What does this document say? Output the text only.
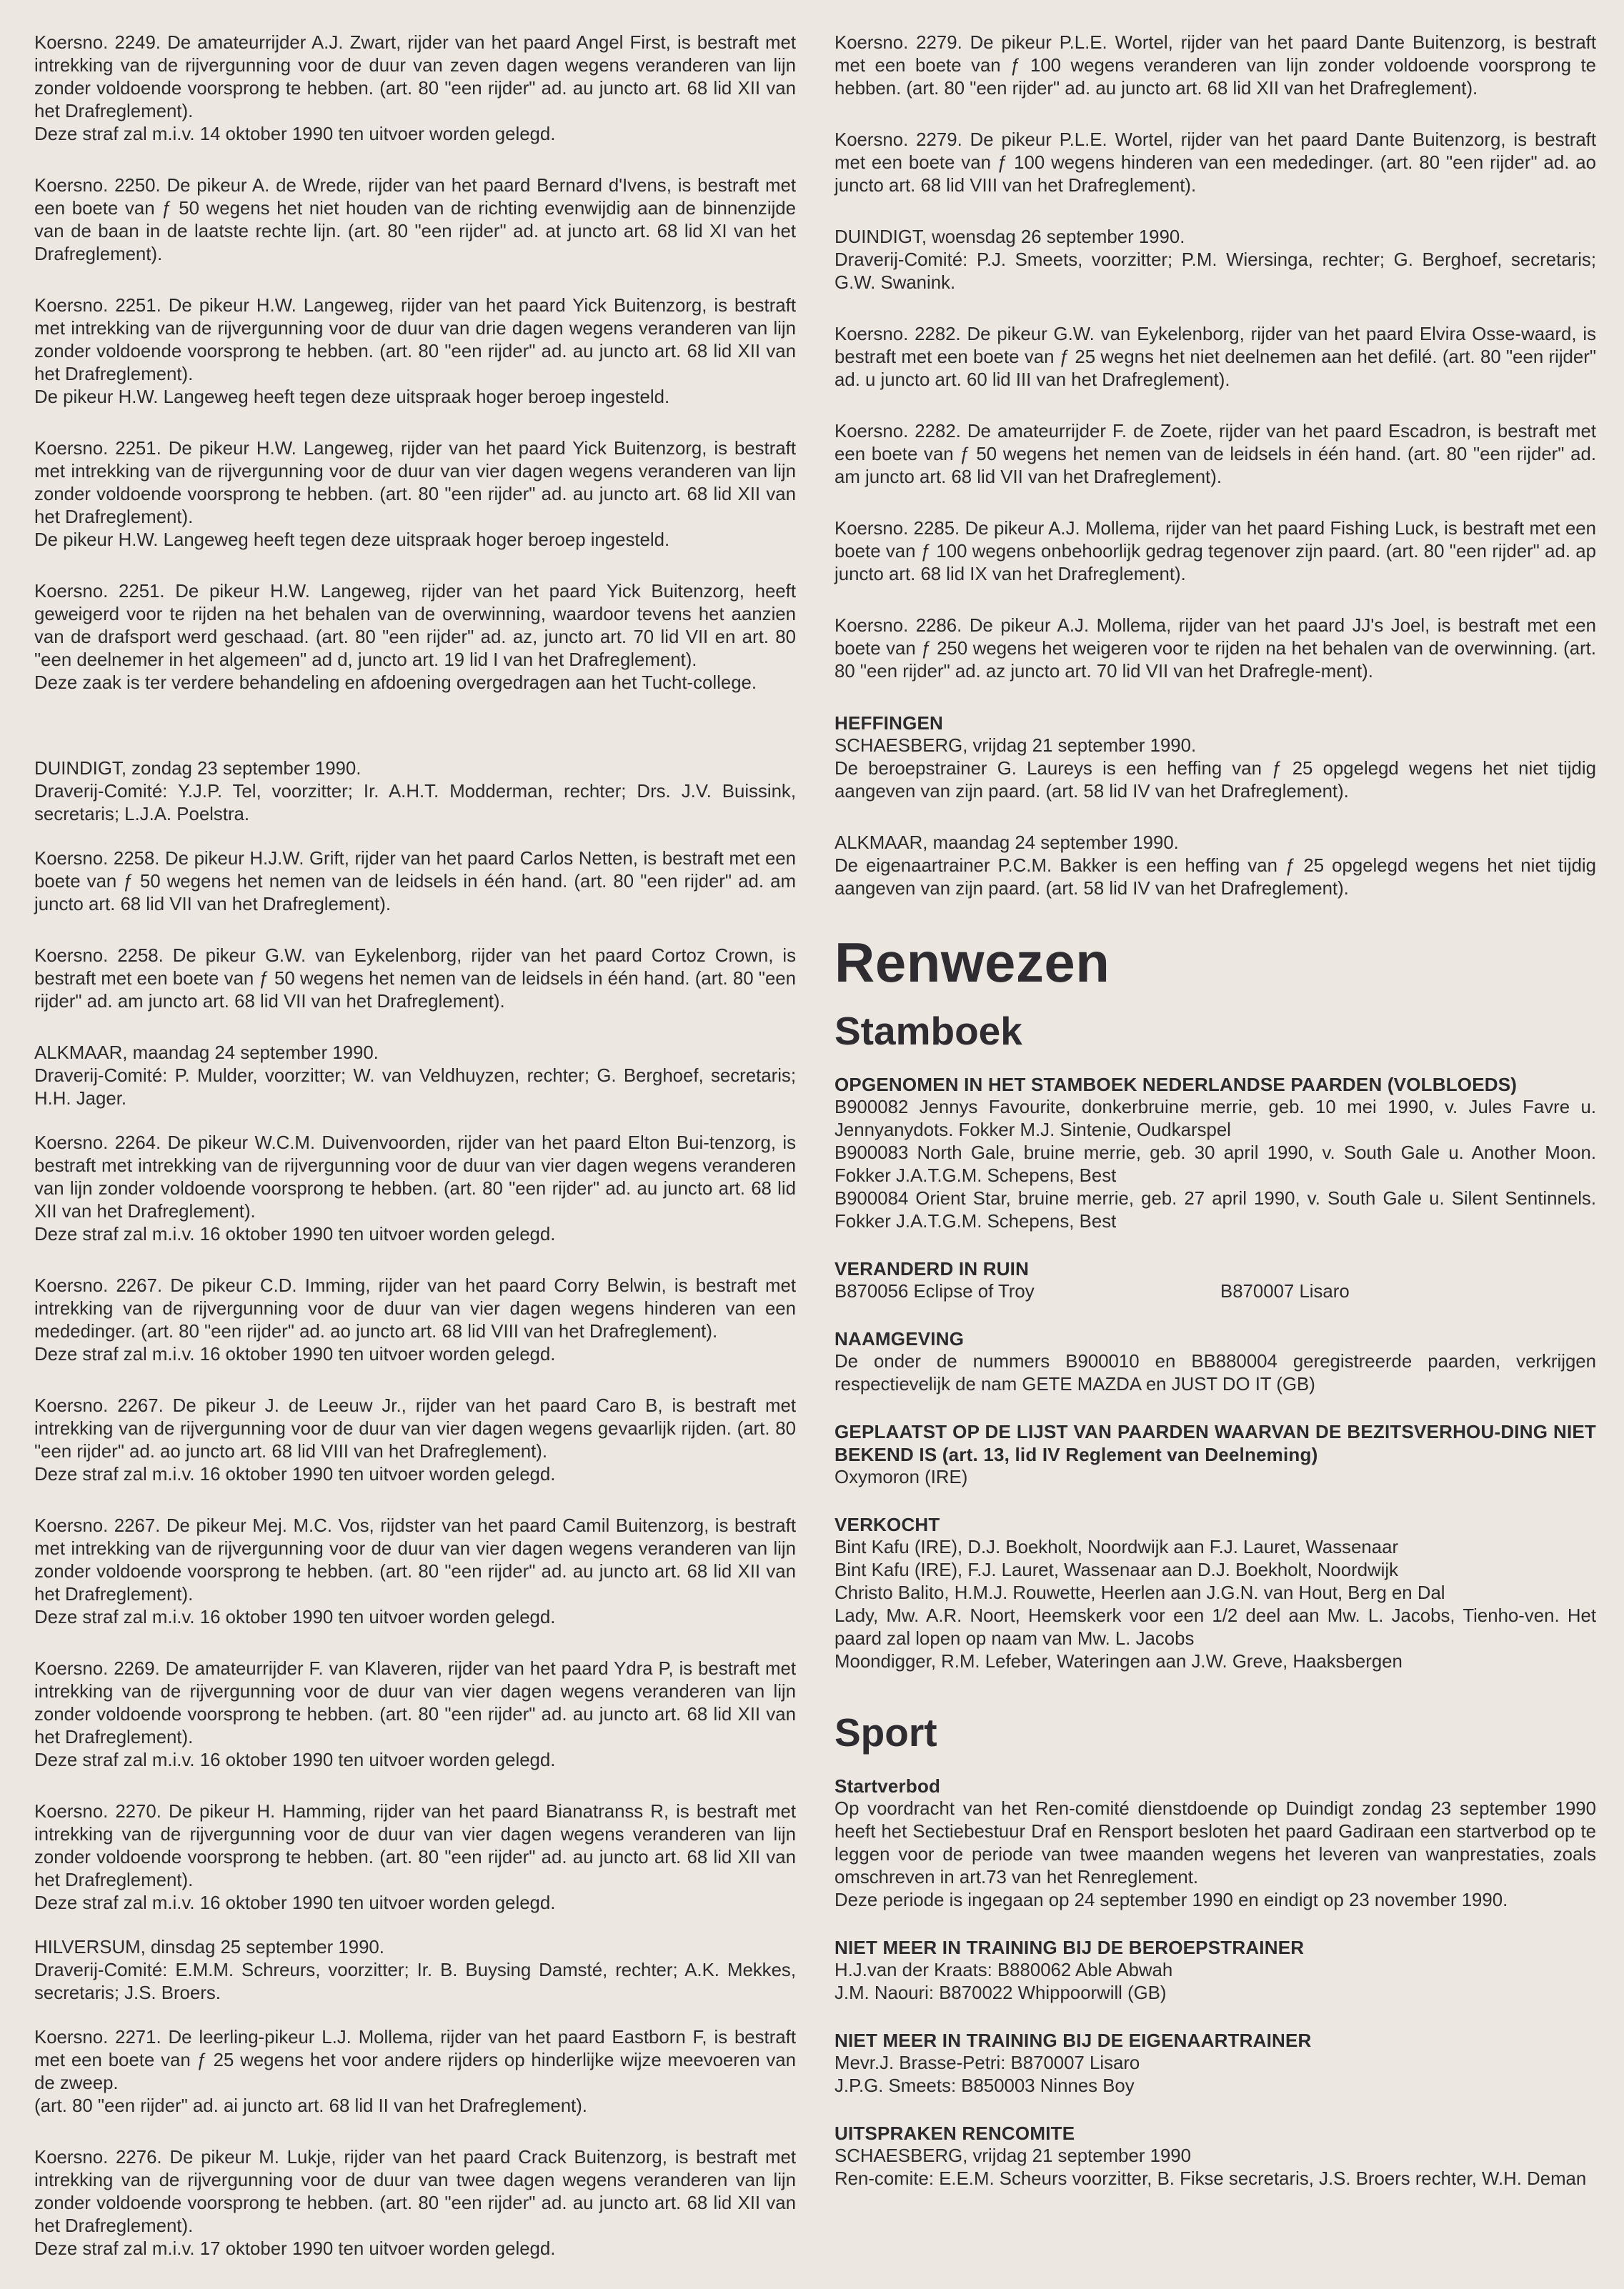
Koersno. 2249. De amateurrijder A.J. Zwart, rijder van het paard Angel First, is bestraft met intrekking van de rijvergunning voor de duur van zeven dagen wegens veranderen van lijn zonder voldoende voorsprong te hebben. (art. 80 "een rijder" ad. au juncto art. 68 lid XII van het Drafreglement).
Deze straf zal m.i.v. 14 oktober 1990 ten uitvoer worden gelegd.
Koersno. 2250. De pikeur A. de Wrede, rijder van het paard Bernard d'Ivens, is bestraft met een boete van ƒ 50 wegens het niet houden van de richting evenwijdig aan de binnenzijde van de baan in de laatste rechte lijn. (art. 80 "een rijder" ad. at juncto art. 68 lid XI van het Drafreglement).
Koersno. 2251. De pikeur H.W. Langeweg, rijder van het paard Yick Buitenzorg, is bestraft met intrekking van de rijvergunning voor de duur van drie dagen wegens veranderen van lijn zonder voldoende voorsprong te hebben. (art. 80 "een rijder" ad. au juncto art. 68 lid XII van het Drafreglement).
De pikeur H.W. Langeweg heeft tegen deze uitspraak hoger beroep ingesteld.
Koersno. 2251. De pikeur H.W. Langeweg, rijder van het paard Yick Buitenzorg, is bestraft met intrekking van de rijvergunning voor de duur van vier dagen wegens veranderen van lijn zonder voldoende voorsprong te hebben. (art. 80 "een rijder" ad. au juncto art. 68 lid XII van het Drafreglement).
De pikeur H.W. Langeweg heeft tegen deze uitspraak hoger beroep ingesteld.
Koersno. 2251. De pikeur H.W. Langeweg, rijder van het paard Yick Buitenzorg, heeft geweigerd voor te rijden na het behalen van de overwinning, waardoor tevens het aanzien van de drafsport werd geschaad. (art. 80 "een rijder" ad. az, juncto art. 70 lid VII en art. 80 "een deelnemer in het algemeen" ad d, juncto art. 19 lid I van het Drafreglement).
Deze zaak is ter verdere behandeling en afdoening overgedragen aan het Tucht-college.
DUINDIGT, zondag 23 september 1990.
Draverij-Comité: Y.J.P. Tel, voorzitter; Ir. A.H.T. Modderman, rechter; Drs. J.V. Buissink, secretaris; L.J.A. Poelstra.
Koersno. 2258. De pikeur H.J.W. Grift, rijder van het paard Carlos Netten, is bestraft met een boete van ƒ 50 wegens het nemen van de leidsels in één hand. (art. 80 "een rijder" ad. am juncto art. 68 lid VII van het Drafreglement).
Koersno. 2258. De pikeur G.W. van Eykelenborg, rijder van het paard Cortoz Crown, is bestraft met een boete van ƒ 50 wegens het nemen van de leidsels in één hand. (art. 80 "een rijder" ad. am juncto art. 68 lid VII van het Drafreglement).
ALKMAAR, maandag 24 september 1990.
Draverij-Comité: P. Mulder, voorzitter; W. van Veldhuyzen, rechter; G. Berghoef, secretaris; H.H. Jager.
Koersno. 2264. De pikeur W.C.M. Duivenvoorden, rijder van het paard Elton Bui-tenzorg, is bestraft met intrekking van de rijvergunning voor de duur van vier dagen wegens veranderen van lijn zonder voldoende voorsprong te hebben. (art. 80 "een rijder" ad. au juncto art. 68 lid XII van het Drafreglement).
Deze straf zal m.i.v. 16 oktober 1990 ten uitvoer worden gelegd.
Koersno. 2267. De pikeur C.D. Imming, rijder van het paard Corry Belwin, is bestraft met intrekking van de rijvergunning voor de duur van vier dagen wegens hinderen van een mededinger. (art. 80 "een rijder" ad. ao juncto art. 68 lid VIII van het Drafreglement).
Deze straf zal m.i.v. 16 oktober 1990 ten uitvoer worden gelegd.
Koersno. 2267. De pikeur J. de Leeuw Jr., rijder van het paard Caro B, is bestraft met intrekking van de rijvergunning voor de duur van vier dagen wegens gevaarlijk rijden. (art. 80 "een rijder" ad. ao juncto art. 68 lid VIII van het Drafreglement).
Deze straf zal m.i.v. 16 oktober 1990 ten uitvoer worden gelegd.
Koersno. 2267. De pikeur Mej. M.C. Vos, rijdster van het paard Camil Buitenzorg, is bestraft met intrekking van de rijvergunning voor de duur van vier dagen wegens veranderen van lijn zonder voldoende voorsprong te hebben. (art. 80 "een rijder" ad. au juncto art. 68 lid XII van het Drafreglement).
Deze straf zal m.i.v. 16 oktober 1990 ten uitvoer worden gelegd.
Koersno. 2269. De amateurrijder F. van Klaveren, rijder van het paard Ydra P, is bestraft met intrekking van de rijvergunning voor de duur van vier dagen wegens veranderen van lijn zonder voldoende voorsprong te hebben. (art. 80 "een rijder" ad. au juncto art. 68 lid XII van het Drafreglement).
Deze straf zal m.i.v. 16 oktober 1990 ten uitvoer worden gelegd.
Koersno. 2270. De pikeur H. Hamming, rijder van het paard Bianatranss R, is bestraft met intrekking van de rijvergunning voor de duur van vier dagen wegens veranderen van lijn zonder voldoende voorsprong te hebben. (art. 80 "een rijder" ad. au juncto art. 68 lid XII van het Drafreglement).
Deze straf zal m.i.v. 16 oktober 1990 ten uitvoer worden gelegd.
HILVERSUM, dinsdag 25 september 1990.
Draverij-Comité: E.M.M. Schreurs, voorzitter; Ir. B. Buysing Damsté, rechter; A.K. Mekkes, secretaris; J.S. Broers.
Koersno. 2271. De leerling-pikeur L.J. Mollema, rijder van het paard Eastborn F, is bestraft met een boete van ƒ 25 wegens het voor andere rijders op hinderlijke wijze meevoeren van de zweep.
(art. 80 "een rijder" ad. ai juncto art. 68 lid II van het Drafreglement).
Koersno. 2276. De pikeur M. Lukje, rijder van het paard Crack Buitenzorg, is bestraft met intrekking van de rijvergunning voor de duur van twee dagen wegens veranderen van lijn zonder voldoende voorsprong te hebben. (art. 80 "een rijder" ad. au juncto art. 68 lid XII van het Drafreglement).
Deze straf zal m.i.v. 17 oktober 1990 ten uitvoer worden gelegd.
Koersno. 2279. De pikeur P.L.E. Wortel, rijder van het paard Dante Buitenzorg, is bestraft met een boete van ƒ 100 wegens veranderen van lijn zonder voldoende voorsprong te hebben. (art. 80 "een rijder" ad. au juncto art. 68 lid XII van het Drafreglement).
Koersno. 2279. De pikeur P.L.E. Wortel, rijder van het paard Dante Buitenzorg, is bestraft met een boete van ƒ 100 wegens hinderen van een mededinger. (art. 80 "een rijder" ad. ao juncto art. 68 lid VIII van het Drafreglement).
DUINDIGT, woensdag 26 september 1990.
Draverij-Comité: P.J. Smeets, voorzitter; P.M. Wiersinga, rechter; G. Berghoef, secretaris; G.W. Swanink.
Koersno. 2282. De pikeur G.W. van Eykelenborg, rijder van het paard Elvira Osse-waard, is bestraft met een boete van ƒ 25 wegns het niet deelnemen aan het defilé. (art. 80 "een rijder" ad. u juncto art. 60 lid III van het Drafreglement).
Koersno. 2282. De amateurrijder F. de Zoete, rijder van het paard Escadron, is bestraft met een boete van ƒ 50 wegens het nemen van de leidsels in één hand. (art. 80 "een rijder" ad. am juncto art. 68 lid VII van het Drafreglement).
Koersno. 2285. De pikeur A.J. Mollema, rijder van het paard Fishing Luck, is bestraft met een boete van ƒ 100 wegens onbehoorlijk gedrag tegenover zijn paard. (art. 80 "een rijder" ad. ap juncto art. 68 lid IX van het Drafreglement).
Koersno. 2286. De pikeur A.J. Mollema, rijder van het paard JJ's Joel, is bestraft met een boete van ƒ 250 wegens het weigeren voor te rijden na het behalen van de overwinning. (art. 80 "een rijder" ad. az juncto art. 70 lid VII van het Drafregle-ment).
HEFFINGEN
SCHAESBERG, vrijdag 21 september 1990.
De beroepstrainer G. Laureys is een heffing van ƒ 25 opgelegd wegens het niet tijdig aangeven van zijn paard. (art. 58 lid IV van het Drafreglement).
ALKMAAR, maandag 24 september 1990.
De eigenaartrainer P.C.M. Bakker is een heffing van ƒ 25 opgelegd wegens het niet tijdig aangeven van zijn paard. (art. 58 lid IV van het Drafreglement).
Renwezen
Stamboek
OPGENOMEN IN HET STAMBOEK NEDERLANDSE PAARDEN (VOLBLOEDS)
B900082 Jennys Favourite, donkerbruine merrie, geb. 10 mei 1990, v. Jules Favre u. Jennyanydots. Fokker M.J. Sintenie, Oudkarspel
B900083 North Gale, bruine merrie, geb. 30 april 1990, v. South Gale u. Another Moon. Fokker J.A.T.G.M. Schepens, Best
B900084 Orient Star, bruine merrie, geb. 27 april 1990, v. South Gale u. Silent Sentinnels. Fokker J.A.T.G.M. Schepens, Best
VERANDERD IN RUIN
B870056 Eclipse of Troy	B870007 Lisaro
NAAMGEVING
De onder de nummers B900010 en BB880004 geregistreerde paarden, verkrijgen respectievelijk de nam GETE MAZDA en JUST DO IT (GB)
GEPLAATST OP DE LIJST VAN PAARDEN WAARVAN DE BEZITSVERHOU-DING NIET BEKEND IS (art. 13, lid IV Reglement van Deelneming)
Oxymoron (IRE)
VERKOCHT
Bint Kafu (IRE), D.J. Boekholt, Noordwijk aan F.J. Lauret, Wassenaar
Bint Kafu (IRE), F.J. Lauret, Wassenaar aan D.J. Boekholt, Noordwijk
Christo Balito, H.M.J. Rouwette, Heerlen aan J.G.N. van Hout, Berg en Dal
Lady, Mw. A.R. Noort, Heemskerk voor een 1/2 deel aan Mw. L. Jacobs, Tienho-ven. Het paard zal lopen op naam van Mw. L. Jacobs
Moondigger, R.M. Lefeber, Wateringen aan J.W. Greve, Haaksbergen
Sport
Startverbod
Op voordracht van het Ren-comité dienstdoende op Duindigt zondag 23 september 1990 heeft het Sectiebestuur Draf en Rensport besloten het paard Gadiraan een startverbod op te leggen voor de periode van twee maanden wegens het leveren van wanprestaties, zoals omschreven in art.73 van het Renreglement.
Deze periode is ingegaan op 24 september 1990 en eindigt op 23 november 1990.
NIET MEER IN TRAINING BIJ DE BEROEPSTRAINER
H.J.van der Kraats: B880062 Able Abwah
J.M. Naouri: B870022 Whippoorwill (GB)
NIET MEER IN TRAINING BIJ DE EIGENAARTRAINER
Mevr.J. Brasse-Petri: B870007 Lisaro
J.P.G. Smeets: B850003 Ninnes Boy
UITSPRAKEN RENCOMITE
SCHAESBERG, vrijdag 21 september 1990
Ren-comite: E.E.M. Scheurs voorzitter, B. Fikse secretaris, J.S. Broers rechter, W.H. Deman
